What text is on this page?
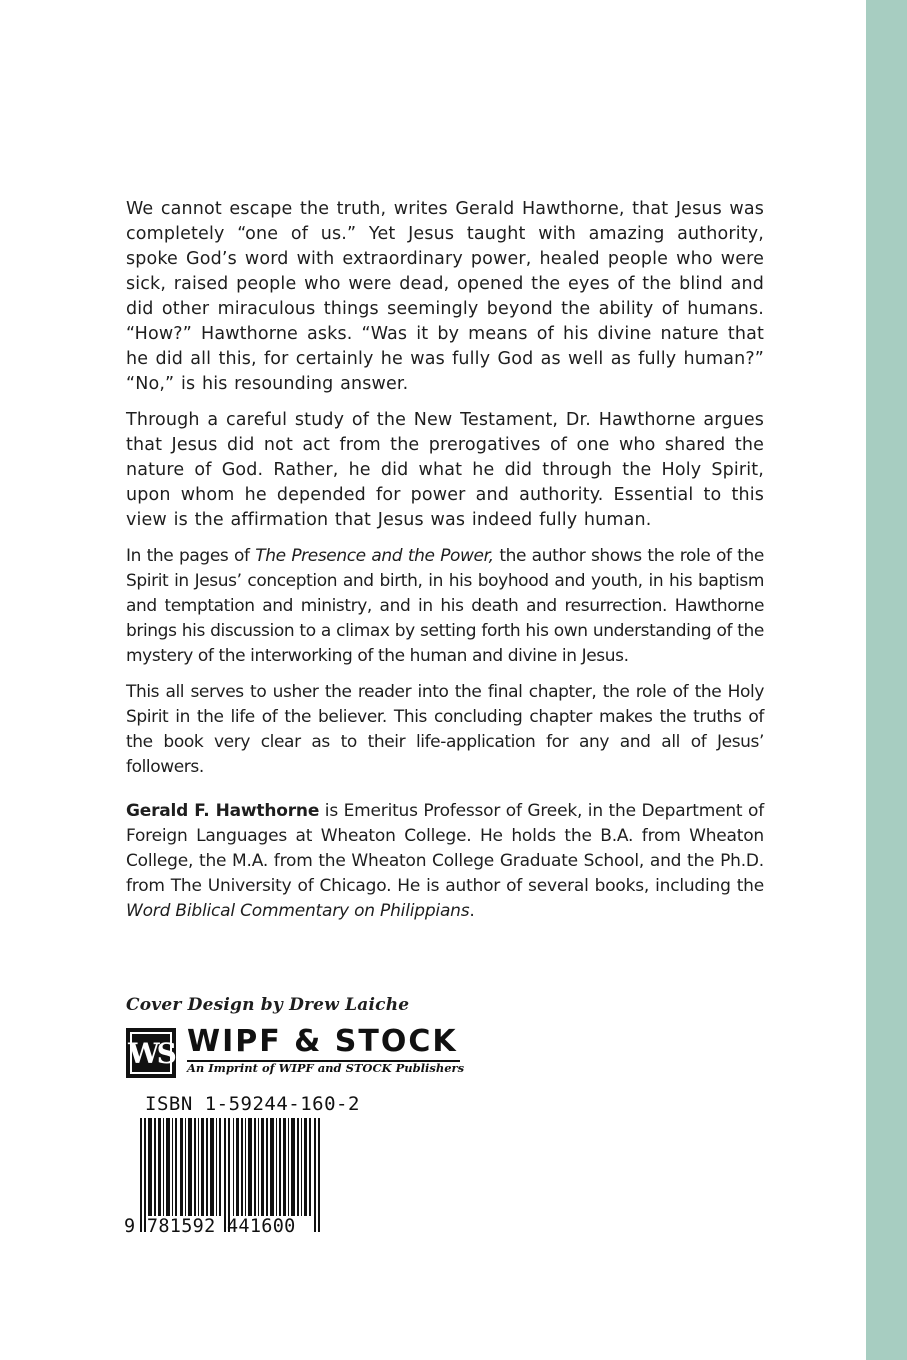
We cannot escape the truth, writes Gerald Hawthorne, that Jesus was completely “one of us.” Yet Jesus taught with amazing authority, spoke God’s word with extraordinary power, healed people who were sick, raised people who were dead, opened the eyes of the blind and did other miraculous things seemingly beyond the ability of humans. “How?” Hawthorne asks. “Was it by means of his divine nature that he did all this, for certainly he was fully God as well as fully human?” “No,” is his resounding answer.

Through a careful study of the New Testament, Dr. Hawthorne argues that Jesus did not act from the prerogatives of one who shared the nature of God. Rather, he did what he did through the Holy Spirit, upon whom he depended for power and authority. Essential to this view is the affirmation that Jesus was indeed fully human.

In the pages of The Presence and the Power, the author shows the role of the Spirit in Jesus’ conception and birth, in his boyhood and youth, in his baptism and temptation and ministry, and in his death and resurrection. Hawthorne brings his discussion to a climax by setting forth his own understanding of the mystery of the interworking of the human and divine in Jesus.

This all serves to usher the reader into the final chapter, the role of the Holy Spirit in the life of the believer. This concluding chapter makes the truths of the book very clear as to their life-application for any and all of Jesus’ followers.

Gerald F. Hawthorne is Emeritus Professor of Greek, in the Department of Foreign Languages at Wheaton College. He holds the B.A. from Wheaton College, the M.A. from the Wheaton College Graduate School, and the Ph.D. from The University of Chicago. He is author of several books, including the Word Biblical Commentary on Philippians.
Cover Design by Drew Laiche
WS WIPF & STOCK
An Imprint of WIPF and STOCK Publishers
ISBN 1-59244-160-2
9 781592 441600
